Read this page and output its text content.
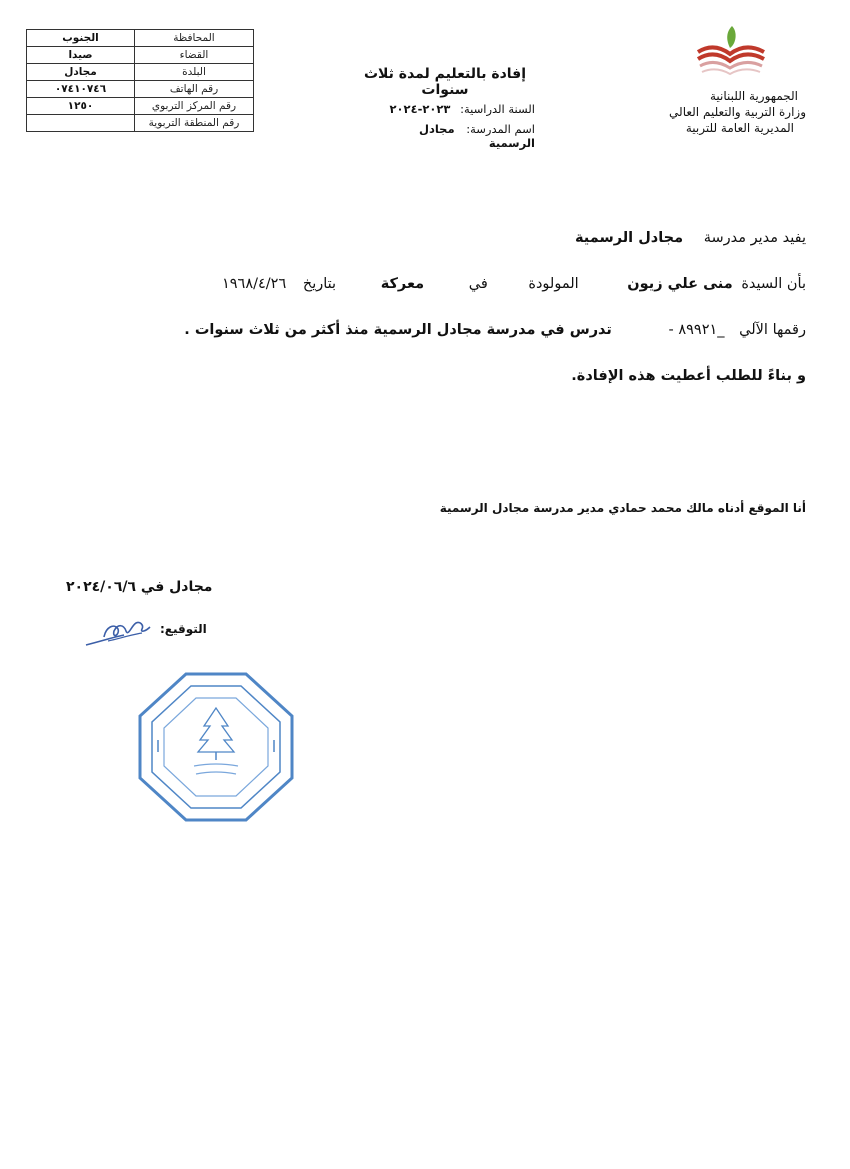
المحافظة	الجنوب
القضاء	صيدا
البلدة	مجادل
رقم الهاتف	٠٧٤١٠٧٤٦
رقم المركز التربوي	١٢٥٠
رقم المنطقة التربوية	
إفادة بالتعليم لمدة ثلاث سنوات
السنة الدراسية: ٢٠٢٣-٢٠٢٤
اسم المدرسة: مجادل الرسمية
الجمهورية اللبنانية
وزارة التربية والتعليم العالي
المديرية العامة للتربية
يفيد مدير مدرسة مجادل الرسمية
بأن السيدة منى علي زيون المولودة في معركة بتاريخ ١٩٦٨/٤/٢٦
رقمها الآلي _٨٩٩٢١ - تدرس في مدرسة مجادل الرسمية منذ أكثر من ثلاث سنوات .
و بناءً للطلب أعطيت هذه الإفادة.
أنا الموقع أدناه مالك محمد حمادي مدير مدرسة مجادل الرسمية
مجادل في ٢٠٢٤/٠٦/٦
التوقيع:
